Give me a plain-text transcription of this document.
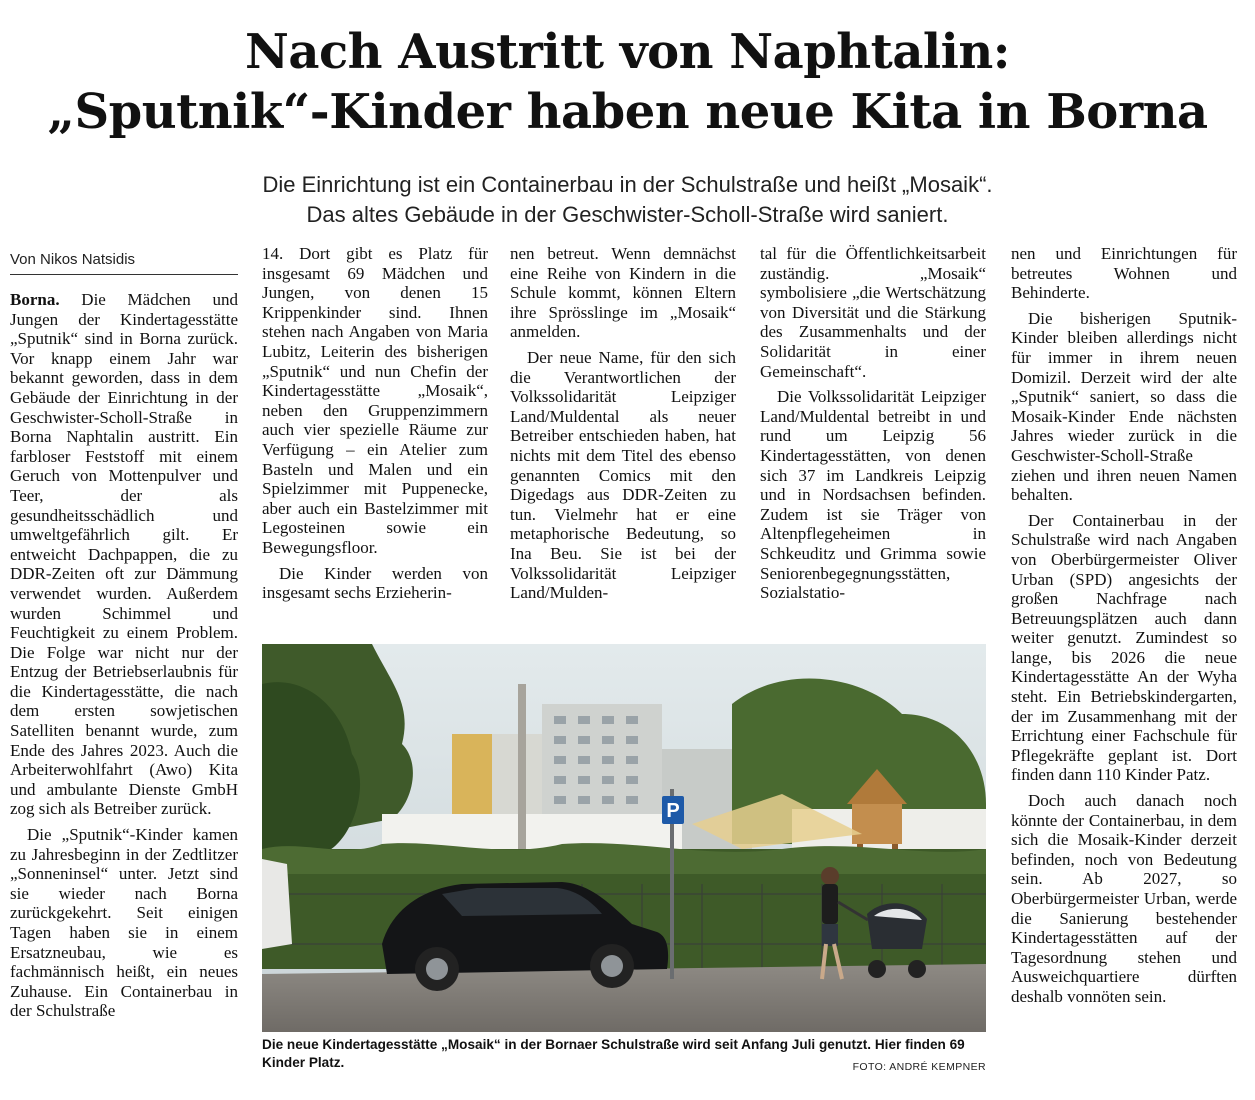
Nach Austritt von Naphtalin:
„Sputnik“-Kinder haben neue Kita in Borna
Die Einrichtung ist ein Containerbau in der Schulstraße und heißt „Mosaik“.
Das altes Gebäude in der Geschwister-Scholl-Straße wird saniert.
Von Nikos Natsidis

Borna. Die Mädchen und Jungen der Kindertagesstätte „Sputnik“ sind in Borna zurück. Vor knapp einem Jahr war bekannt geworden, dass in dem Gebäude der Einrichtung in der Geschwister-Scholl-Straße in Borna Naphtalin austritt. Ein farbloser Feststoff mit einem Geruch von Mottenpulver und Teer, der als gesundheitsschädlich und umweltgefährlich gilt. Er entweicht Dachpappen, die zu DDR-Zeiten oft zur Dämmung verwendet wurden. Außerdem wurden Schimmel und Feuchtigkeit zu einem Problem. Die Folge war nicht nur der Entzug der Betriebserlaubnis für die Kindertagesstätte, die nach dem ersten sowjetischen Satelliten benannt wurde, zum Ende des Jahres 2023. Auch die Arbeiterwohlfahrt (Awo) Kita und ambulante Dienste GmbH zog sich als Betreiber zurück.

Die „Sputnik“-Kinder kamen zu Jahresbeginn in der Zedtlitzer „Sonneninsel“ unter. Jetzt sind sie wieder nach Borna zurückgekehrt. Seit einigen Tagen haben sie in einem Ersatzneubau, wie es fachmännisch heißt, ein neues Zuhause. Ein Containerbau in der Schulstraße

14. Dort gibt es Platz für insgesamt 69 Mädchen und Jungen, von denen 15 Krippenkinder sind. Ihnen stehen nach Angaben von Maria Lubitz, Leiterin des bisherigen „Sputnik“ und nun Chefin der Kindertagesstätte „Mosaik“, neben den Gruppenzimmern auch vier spezielle Räume zur Verfügung – ein Atelier zum Basteln und Malen und ein Spielzimmer mit Puppenecke, aber auch ein Bastelzimmer mit Legosteinen sowie ein Bewegungsfloor.

Die Kinder werden von insgesamt sechs Erzieherin-

nen betreut. Wenn demnächst eine Reihe von Kindern in die Schule kommt, können Eltern ihre Sprösslinge im „Mosaik“ anmelden.

Der neue Name, für den sich die Verantwortlichen der Volkssolidarität Leipziger Land/Muldental als neuer Betreiber entschieden haben, hat nichts mit dem Titel des ebenso genannten Comics mit den Digedags aus DDR-Zeiten zu tun. Vielmehr hat er eine metaphorische Bedeutung, so Ina Beu. Sie ist bei der Volkssolidarität Leipziger Land/Mulden-

tal für die Öffentlichkeitsarbeit zuständig. „Mosaik“ symbolisiere „die Wertschätzung von Diversität und die Stärkung des Zusammenhalts und der Solidarität in einer Gemeinschaft“.

Die Volkssolidarität Leipziger Land/Muldental betreibt in und rund um Leipzig 56 Kindertagesstätten, von denen sich 37 im Landkreis Leipzig und in Nordsachsen befinden. Zudem ist sie Träger von Altenpflegeheimen in Schkeuditz und Grimma sowie Seniorenbegegnungsstätten, Sozialstatio-

nen und Einrichtungen für betreutes Wohnen und Behinderte.

Die bisherigen Sputnik-Kinder bleiben allerdings nicht für immer in ihrem neuen Domizil. Derzeit wird der alte „Sputnik“ saniert, so dass die Mosaik-Kinder Ende nächsten Jahres wieder zurück in die Geschwister-Scholl-Straße ziehen und ihren neuen Namen behalten.

Der Containerbau in der Schulstraße wird nach Angaben von Oberbürgermeister Oliver Urban (SPD) angesichts der großen Nachfrage nach Betreuungsplätzen auch dann weiter genutzt. Zumindest so lange, bis 2026 die neue Kindertagesstätte An der Wyha steht. Ein Betriebskindergarten, der im Zusammenhang mit der Errichtung einer Fachschule für Pflegekräfte geplant ist. Dort finden dann 110 Kinder Patz.

Doch auch danach noch könnte der Containerbau, in dem sich die Mosaik-Kinder derzeit befinden, noch von Bedeutung sein. Ab 2027, so Oberbürgermeister Urban, werde die Sanierung bestehender Kindertagesstätten auf der Tagesordnung stehen und Ausweichquartiere dürften deshalb vonnöten sein.

P
Die neue Kindertagesstätte „Mosaik“ in der Bornaer Schulstraße wird seit Anfang Juli genutzt. Hier finden 69 Kinder Platz.	FOTO: ANDRÉ KEMPNER
